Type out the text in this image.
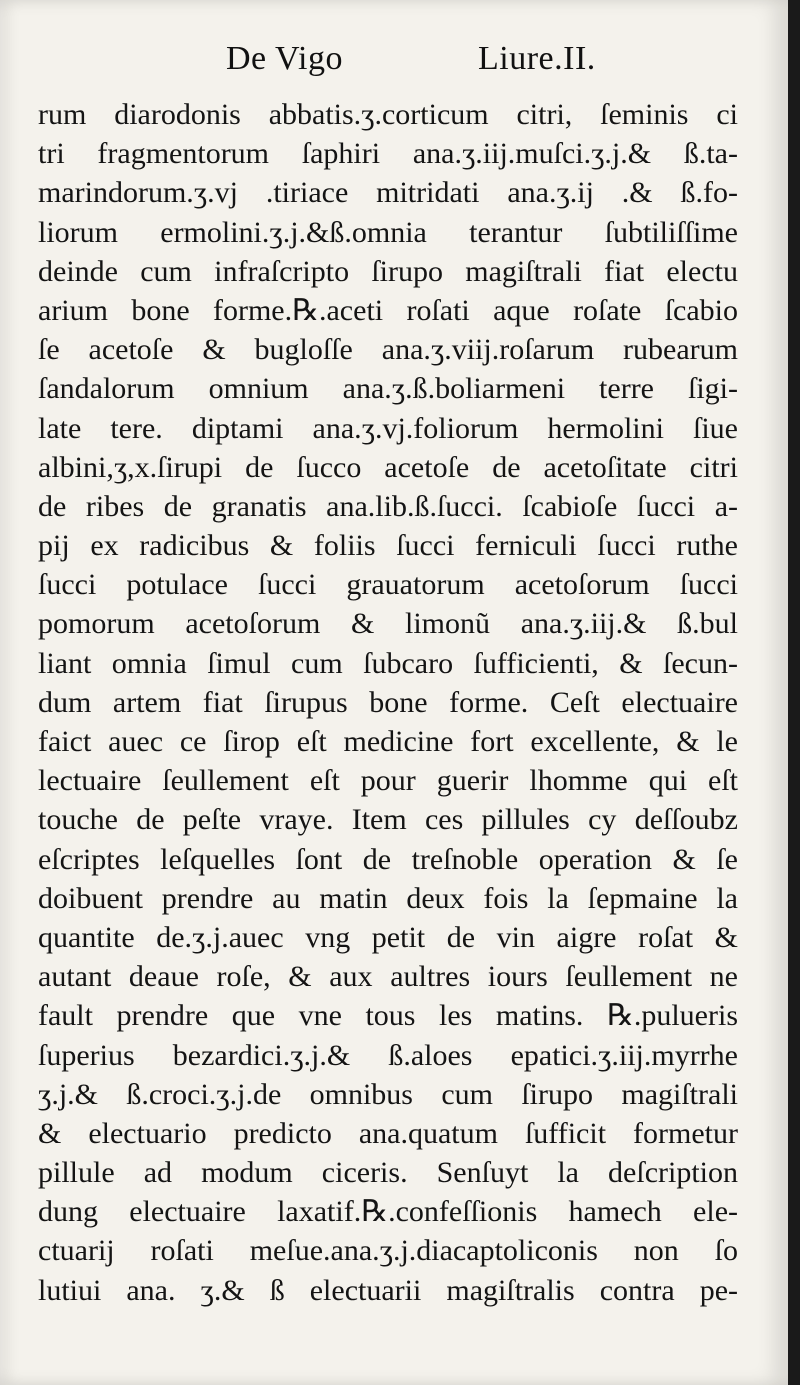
De Vigo	Liure.II.
rum diarodonis abbatis.ʒ.corticum citri, ſeminis ci
tri fragmentorum ſaphiri ana.ʒ.iij.muſci.ʒ.j.& ß.ta-
marindorum.ʒ.vj .tiriace mitridati ana.ʒ.ij .& ß.fo-
liorum ermolini.ʒ.j.&ß.omnia terantur ſubtiliſſime
deinde cum infraſcripto ſirupo magiſtrali fiat electu
arium bone forme.℞.aceti roſati aque roſate ſcabio
ſe acetoſe & bugloſſe ana.ʒ.viij.roſarum rubearum
ſandalorum omnium ana.ʒ.ß.boliarmeni terre ſigi-
late tere. diptami ana.ʒ.vj.foliorum hermolini ſiue
albini,ʒ,x.ſirupi de ſucco acetoſe de acetoſitate citri
de ribes de granatis ana.lib.ß.ſucci. ſcabioſe ſucci a-
pij ex radicibus & foliis ſucci ferniculi ſucci ruthe
ſucci potulace ſucci grauatorum acetoſorum ſucci
pomorum acetoſorum & limonũ ana.ʒ.iij.& ß.bul
liant omnia ſimul cum ſubcaro ſufficienti, & ſecun-
dum artem fiat ſirupus bone forme. Ceſt electuaire
faict auec ce ſirop eſt medicine fort excellente, & le
lectuaire ſeullement eſt pour guerir lhomme qui eſt
touche de peſte vraye. Item ces pillules cy deſſoubz
eſcriptes leſquelles ſont de treſnoble operation & ſe
doibuent prendre au matin deux fois la ſepmaine la
quantite de.ʒ.j.auec vng petit de vin aigre roſat &
autant deaue roſe, & aux aultres iours ſeullement ne
fault prendre que vne tous les matins. ℞.pulueris
ſuperius bezardici.ʒ.j.& ß.aloes epatici.ʒ.iij.myrrhe
ʒ.j.& ß.croci.ʒ.j.de omnibus cum ſirupo magiſtrali
& electuario predicto ana.quatum ſufficit formetur
pillule ad modum ciceris. Senſuyt la deſcription
dung electuaire laxatif.℞.confeſſionis hamech ele-
ctuarij roſati meſue.ana.ʒ.j.diacaptoliconis non ſo
lutiui ana. ʒ.& ß electuarii magiſtralis contra pe-
